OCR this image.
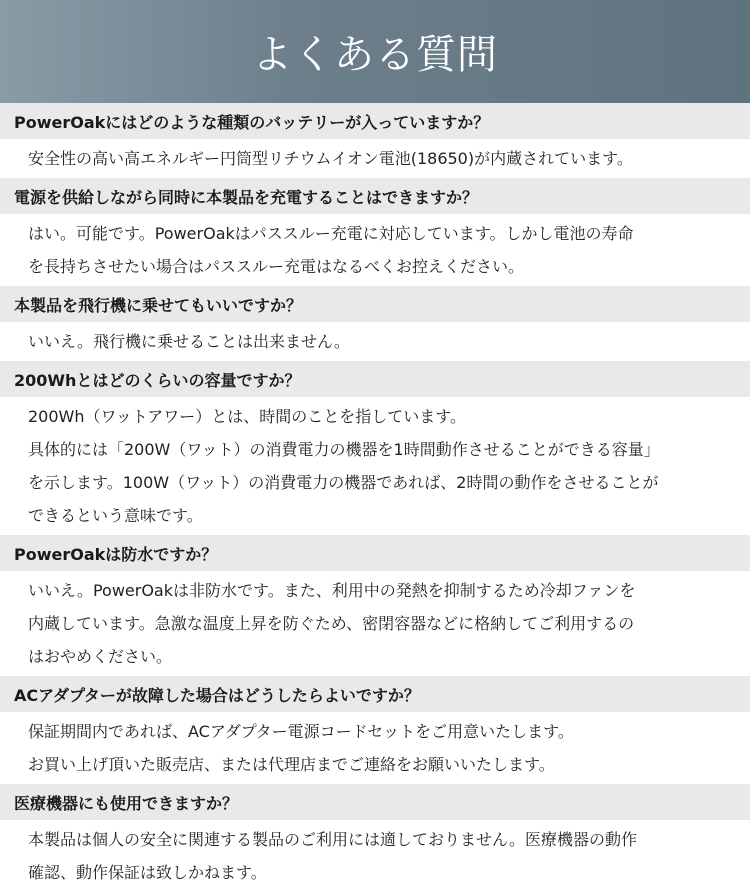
よくある質問
PowerOakにはどのような種類のバッテリーが入っていますか？
安全性の高い高エネルギー円筒型リチウムイオン電池(18650)が内蔵されています。
電源を供給しながら同時に本製品を充電することはできますか？
はい。可能です。PowerOakはパススルー充電に対応しています。しかし電池の寿命
を長持ちさせたい場合はパススルー充電はなるべくお控えください。
本製品を飛行機に乗せてもいいですか？
いいえ。飛行機に乗せることは出来ません。
200Whとはどのくらいの容量ですか？
200Wh（ワットアワー）とは、時間のことを指しています。
具体的には「200W（ワット）の消費電力の機器を1時間動作させることができる容量」
を示します。100W（ワット）の消費電力の機器であれば、2時間の動作をさせることが
できるという意味です。
PowerOakは防水ですか？
いいえ。PowerOakは非防水です。また、利用中の発熱を抑制するため冷却ファンを
内蔵しています。急激な温度上昇を防ぐため、密閉容器などに格納してご利用するの
はおやめください。
ACアダプターが故障した場合はどうしたらよいですか？
保証期間内であれば、ACアダプター電源コードセットをご用意いたします。
お買い上げ頂いた販売店、または代理店までご連絡をお願いいたします。
医療機器にも使用できますか？
本製品は個人の安全に関連する製品のご利用には適しておりません。医療機器の動作
確認、動作保証は致しかねます。
